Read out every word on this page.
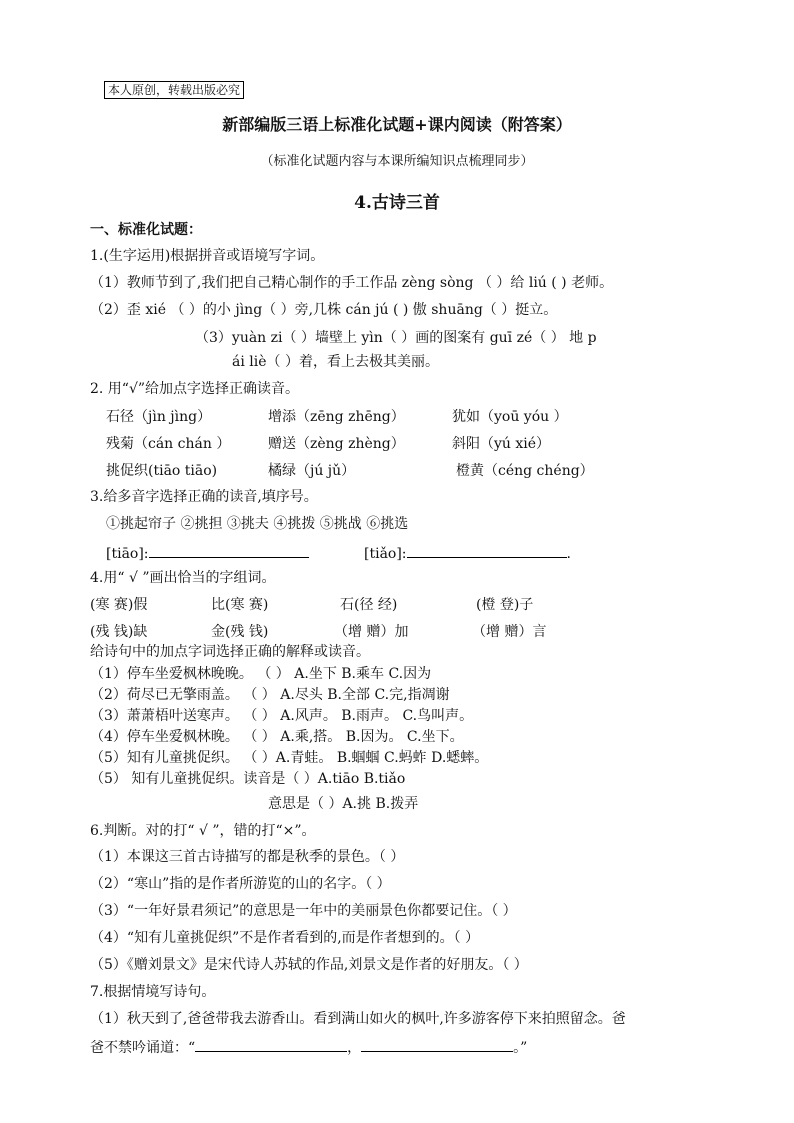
本人原创，转载出版必究
新部编版三语上标准化试题+课内阅读（附答案）
（标准化试题内容与本课所编知识点梳理同步）
4.古诗三首
一、标准化试题：
1.(生字运用)根据拼音或语境写字词。
（1）教师节到了,我们把自己精心制作的手工作品 zèng sòng （ ）给 liú ( ) 老师。
（2）歪 xié （ ）的小 jìng（ ）旁,几株 cán jú ( ) 傲 shuāng（ ）挺立。
（3）yuàn zi（ ）墙壁上 yìn（ ）画的图案有 guī zé（ ） 地 p
ái liè（ ）着，看上去极其美丽。
2. 用“√”给加点字选择正确读音。
石径（jìn jìng）	增添（zēng zhēng）	犹如（yoū yóu ）
残菊（cán chán ）	赠送（zèng zhèng）	斜阳（yú xié）
挑促织(tiāo tiāo)	橘绿（jú jǔ）	橙黄（céng chéng）
3.给多音字选择正确的读音,填序号。
①挑起帘子 ②挑担 ③挑夫 ④挑拨 ⑤挑战 ⑥挑选
[tiāo]:	[tiǎo]:	.
4.用“ √ ”画出恰当的字组词。
(寒 赛)假	比(寒 赛)	石(径 经)	(橙 登)子
(残 钱)缺	金(残 钱)	（增 赠）加	（增 赠）言
给诗句中的加点字词选择正确的解释或读音。
（1）停车坐爱枫林晚晚。 （ ） A.坐下 B.乘车 C.因为
（2）荷尽已无擎雨盖。 （ ） A.尽头 B.全部 C.完,指凋谢
（3）萧萧梧叶送寒声。 （ ） A.风声。 B.雨声。 C.鸟叫声。
（4）停车坐爱枫林晚。 （ ） A.乘,搭。 B.因为。 C.坐下。
（5）知有儿童挑促织。 （ ）A.青蛙。 B.蝈蝈 C.蚂蚱 D.蟋蟀。
（5） 知有儿童挑促织。读音是（ ）A.tiāo B.tiǎo
意思是（ ）A.挑 B.拨弄
6.判断。对的打“ √ ”，错的打“×”。
（1）本课这三首古诗描写的都是秋季的景色。（ ）
（2）“寒山”指的是作者所游览的山的名字。（ ）
（3）“一年好景君须记”的意思是一年中的美丽景色你都要记住。（ ）
（4）“知有儿童挑促织”不是作者看到的,而是作者想到的。（ ）
（5）《赠刘景文》是宋代诗人苏轼的作品,刘景文是作者的好朋友。（ ）
7.根据情境写诗句。
（1）秋天到了,爸爸带我去游香山。看到满山如火的枫叶,许多游客停下来拍照留念。爸
爸不禁吟诵道：“	，	。”
